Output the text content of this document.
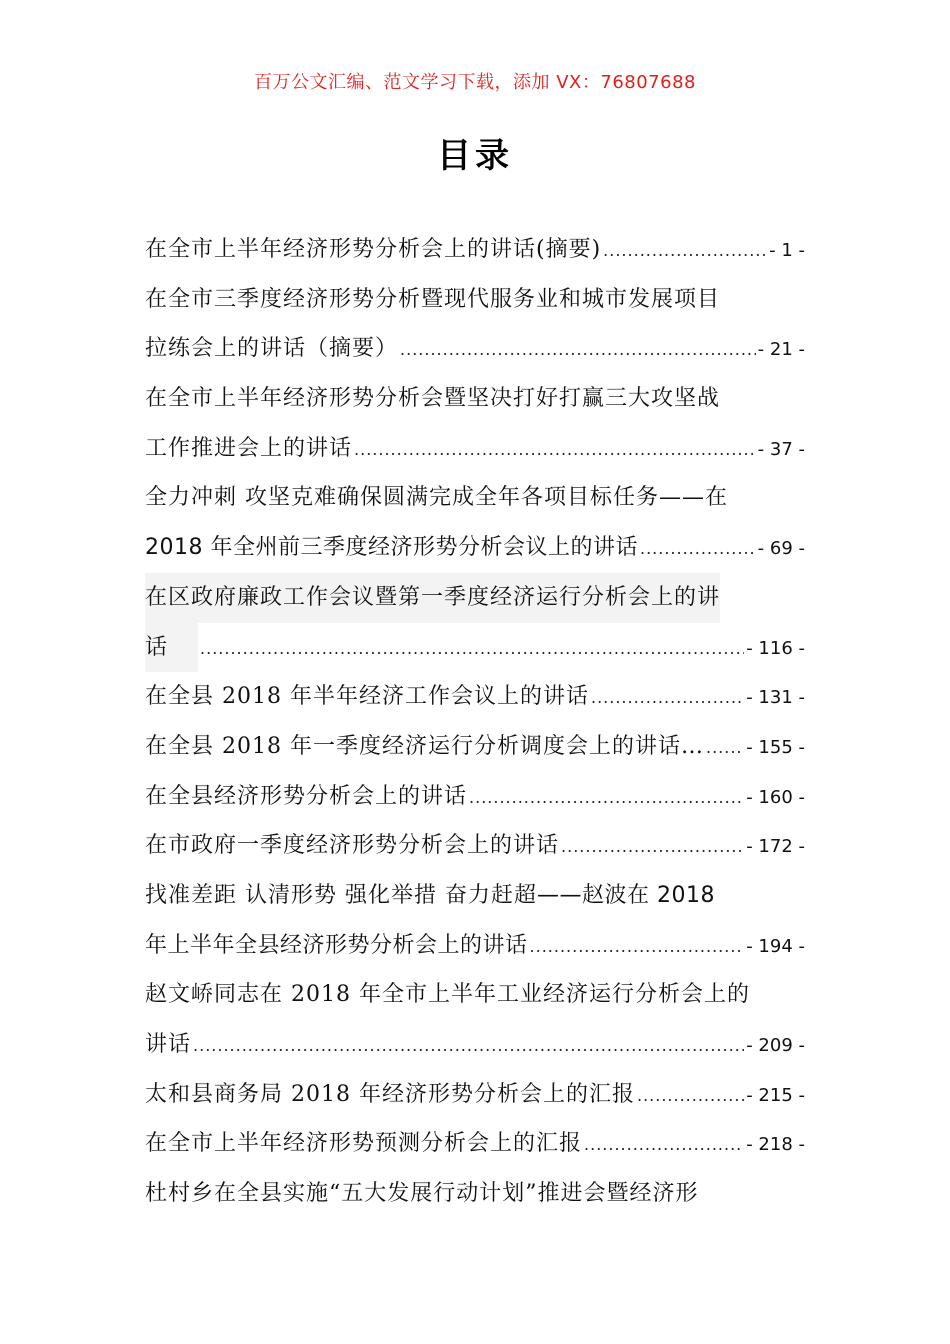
百万公文汇编、范文学习下载，添加 VX：76807688
目录
在全市上半年经济形势分析会上的讲话(摘要) .....	- 1 -
在全市三季度经济形势分析暨现代服务业和城市发展项目
拉练会上的讲话（摘要） .....	- 21 -
在全市上半年经济形势分析会暨坚决打好打赢三大攻坚战
工作推进会上的讲话 .....	- 37 -
全力冲刺 攻坚克难确保圆满完成全年各项目标任务—— 在
2018 年全州前三季度经济形势分析会议上的讲话 .....	- 69 -
在区政府廉政工作会议暨第一季度经济运行分析会上的讲
话 .....	- 116 -
在全县 2018 年半年经济工作会议上的讲话 .....	- 131 -
在全县 2018 年一季度经济运行分析调度会上的讲话… ..... - 155 -
在全县经济形势分析会上的讲话 .....	- 160 -
在市政府一季度经济形势分析会上的讲话 .....	- 172 -
找准差距 认清形势 强化举措 奋力赶超 ——赵波在 2018
年上半年全县经济形势分析会上的讲话 .....	- 194 -
赵文峤同志在 2018 年全市上半年工业经济运行分析会上的
讲话 .....	- 209 -
太和县商务局 2018 年经济形势分析会上的汇报 .....	- 215 -
在全市上半年经济形势预测分析会上的汇报 .....	- 218 -
杜村乡在全县实施“五大发展行动计划”推进会暨经济形
